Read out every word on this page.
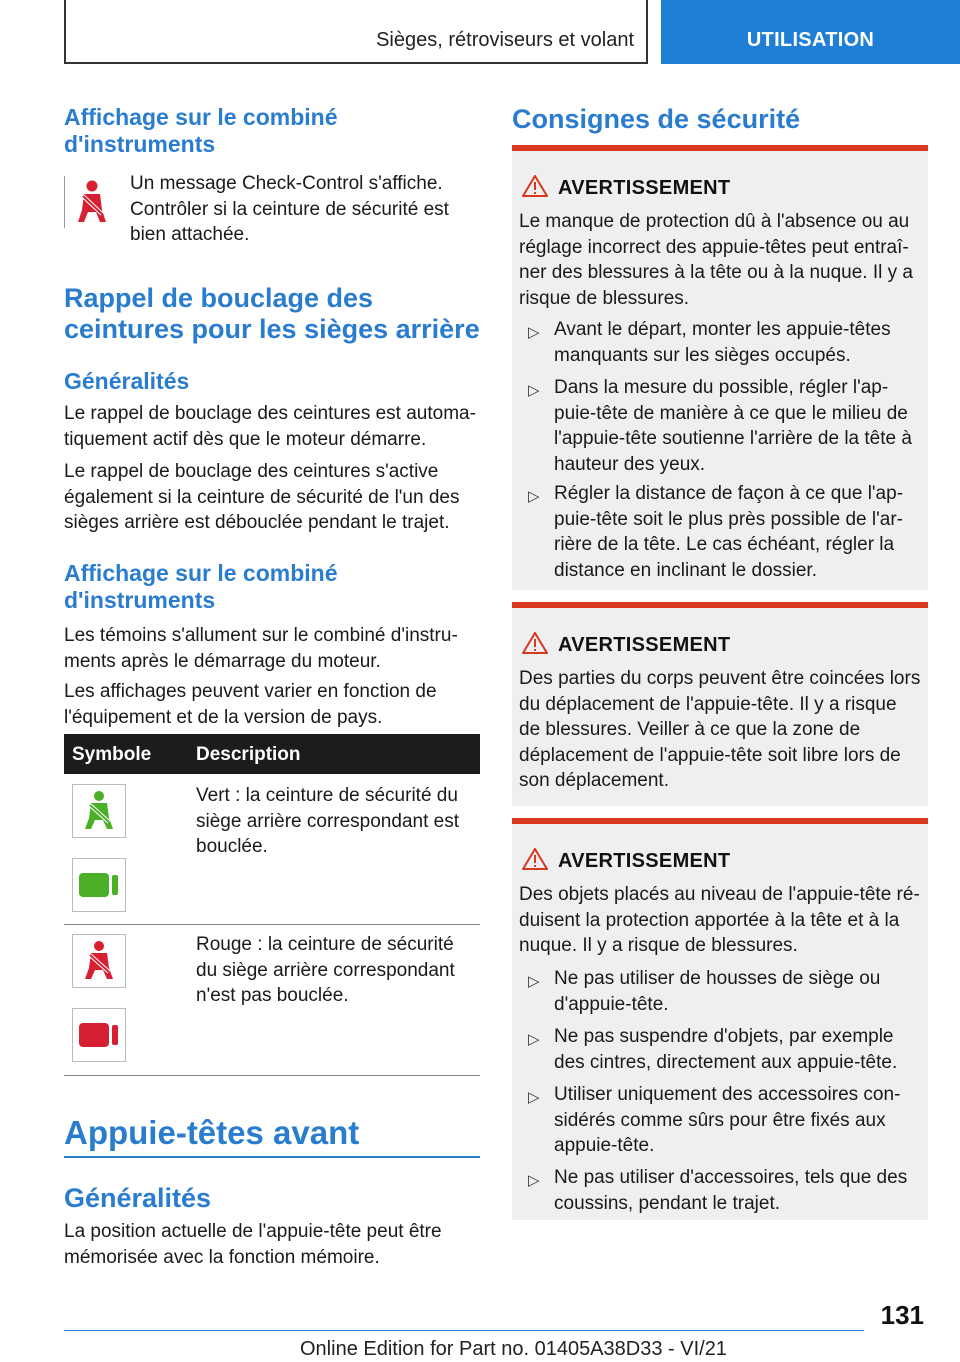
Sièges, rétroviseurs et volant	UTILISATION
Affichage sur le combiné d'instruments

Un message Check-Control s'affiche. Contrôler si la ceinture de sécurité est bien attachée.

Rappel de bouclage des ceintures pour les sièges arrière
Généralités

Le rappel de bouclage des ceintures est automatiquement actif dès que le moteur démarre.

Le rappel de bouclage des ceintures s'active également si la ceinture de sécurité de l'un des sièges arrière est débouclée pendant le trajet.

Affichage sur le combiné d'instruments

Les témoins s'allument sur le combiné d'instruments après le démarrage du moteur.

Les affichages peuvent varier en fonction de l'équipement et de la version de pays.

Symbole Description

Vert : la ceinture de sécurité du siège arrière correspondant est bouclée.

Rouge : la ceinture de sécurité du siège arrière correspondant n'est pas bouclée.

Appuie-têtes avant
Généralités

La position actuelle de l'appuie-tête peut être mémorisée avec la fonction mémoire.

Consignes de sécurité
AVERTISSEMENT

Le manque de protection dû à l'absence ou au réglage incorrect des appuie-têtes peut entraîner des blessures à la tête ou à la nuque. Il y a risque de blessures.

▷ Avant le départ, monter les appuie-têtes manquants sur les sièges occupés.

▷ Dans la mesure du possible, régler l'appuie-tête de manière à ce que le milieu de l'appuie-tête soutienne l'arrière de la tête à hauteur des yeux.

▷ Régler la distance de façon à ce que l'appuie-tête soit le plus près possible de l'arrière de la tête. Le cas échéant, régler la distance en inclinant le dossier.

AVERTISSEMENT

Des parties du corps peuvent être coincées lors du déplacement de l'appuie-tête. Il y a risque de blessures. Veiller à ce que la zone de déplacement de l'appuie-tête soit libre lors de son déplacement.

AVERTISSEMENT

Des objets placés au niveau de l'appuie-tête réduisent la protection apportée à la tête et à la nuque. Il y a risque de blessures.

▷ Ne pas utiliser de housses de siège ou d'appuie-tête.

▷ Ne pas suspendre d'objets, par exemple des cintres, directement aux appuie-tête.

▷ Utiliser uniquement des accessoires considérés comme sûrs pour être fixés aux appuie-tête.

▷ Ne pas utiliser d'accessoires, tels que des coussins, pendant le trajet.

131
Online Edition for Part no. 01405A38D33 - VI/21
